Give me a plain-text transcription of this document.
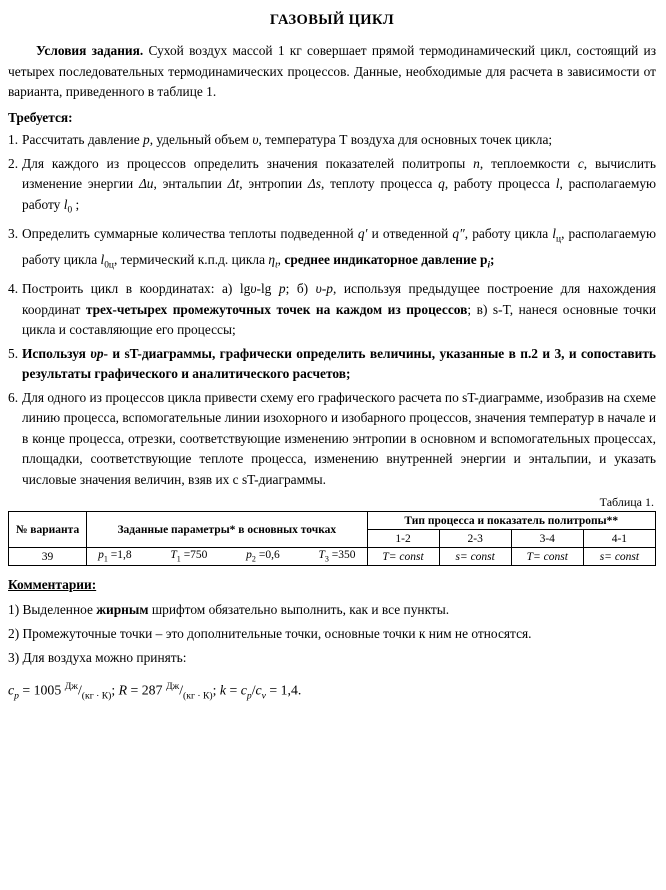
ГАЗОВЫЙ ЦИКЛ
Условия задания. Сухой воздух массой 1 кг совершает прямой термодинамический цикл, состоящий из четырех последовательных термодинамических процессов. Данные, необходимые для расчета в зависимости от варианта, приведенного в таблице 1.
Требуется:
1. Рассчитать давление p, удельный объем υ, температура Т воздуха для основных точек цикла;
2. Для каждого из процессов определить значения показателей политропы n, теплоемкости с, вычислить изменение энергии Δu, энтальпии Δt, энтропии Δs, теплоту процесса q, работу процесса l, располагаемую работу $l_0$ ;
3. Определить суммарные количества теплоты подведенной q′ и отведенной q″, работу цикла $l_ц$, располагаемую работу цикла $l_{0ц}$, термический к.п.д. цикла $\eta_t$, среднее индикаторное давление $р_i$;
4. Построить цикл в координатах: а) lgυ-lg p; б) υ-p, используя предыдущее построение для нахождения координат трех-четырех промежуточных точек на каждом из процессов; в) s-T, нанеся основные точки цикла и составляющие его процессы;
5. Используя υp- и sT-диаграммы, графически определить величины, указанные в п.2 и 3, и сопоставить результаты графического и аналитического расчетов;
6. Для одного из процессов цикла привести схему его графического расчета по sT-диаграмме, изобразив на схеме линию процесса, вспомогательные линии изохорного и изобарного процессов, значения температур в начале и в конце процесса, отрезки, соответствующие изменению энтропии в основном и вспомогательных процессах, площадки, соответствующие теплоте процесса, изменению внутренней энергии и энтальпии, и указать числовые значения величин, взяв их с sT-диаграммы.
Таблица 1.
№ варианта	Заданные параметры* в основных точках	Тип процесса и показатель политропы**			
		1-2	2-3	3-4	4-1
39	$p_1 =1,8$ $T_1 =750$ $p_2 =0,6$ $T_3 =350$	T= const	s= const	T= const	s= const
Комментарии:
1) Выделенное жирным шрифтом обязательно выполнить, как и все пункты.
2) Промежуточные точки – это дополнительные точки, основные точки к ним не относятся.
3) Для воздуха можно принять:
$с_p = 1005$ $^{Дж}/_{(кг \cdot К)}$; R = 287 $^{Дж}/_{(кг \cdot К)}$; $k = c_p/c_v = 1,4$.
